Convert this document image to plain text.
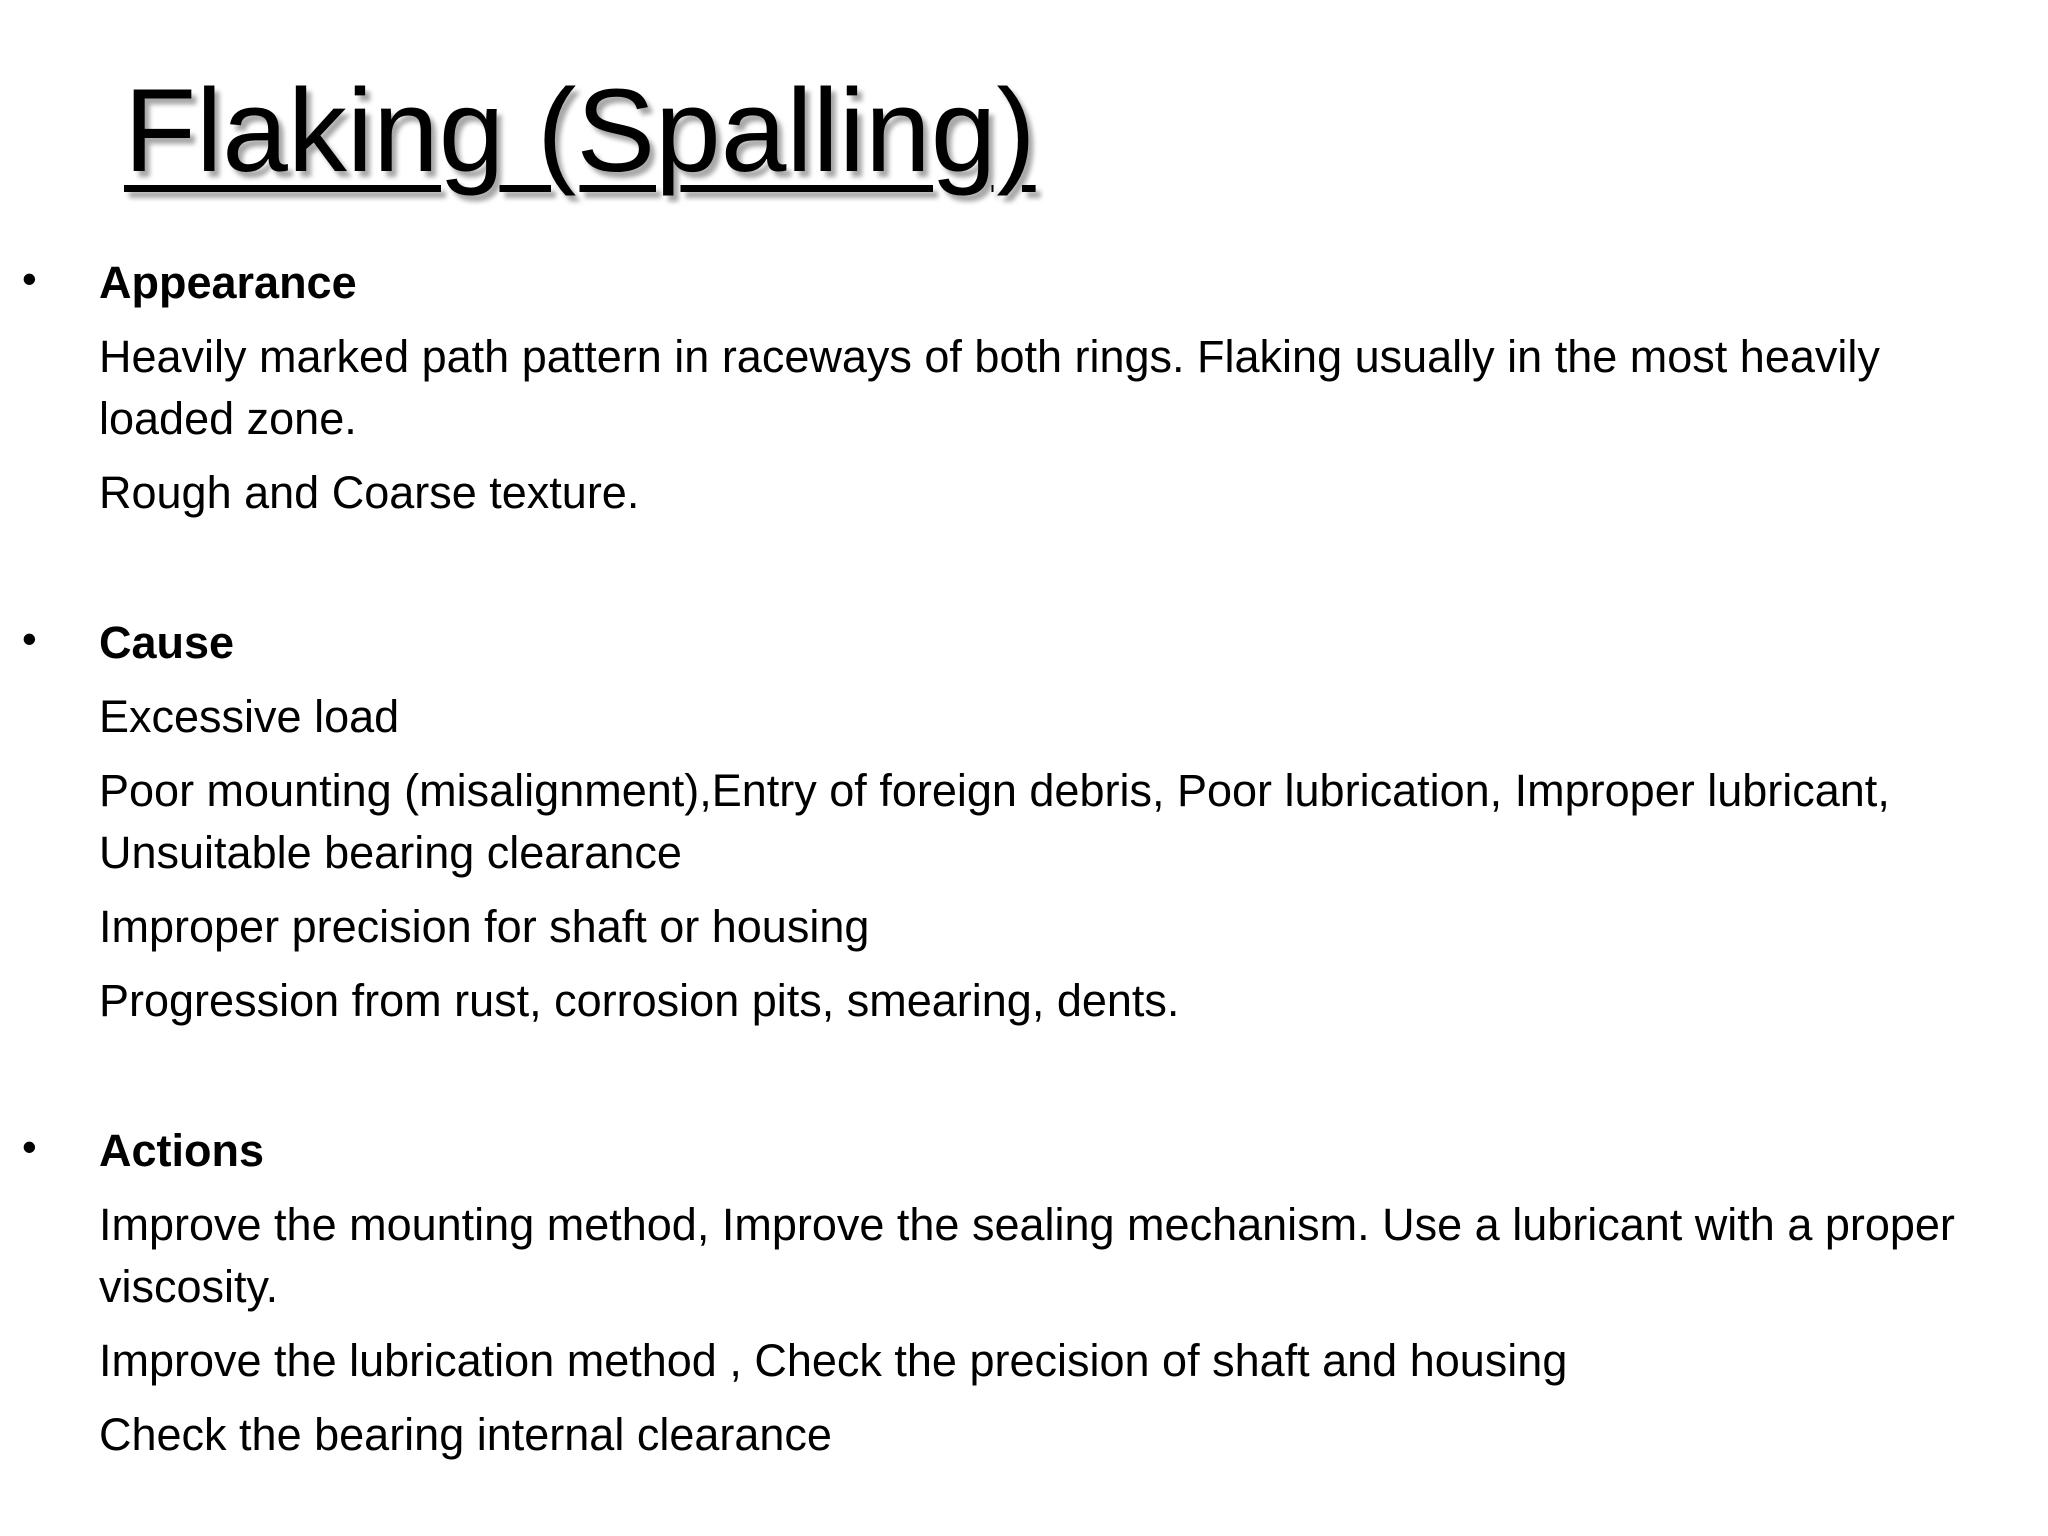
Flaking (Spalling)
• Appearance
Heavily marked path pattern in raceways of both rings. Flaking usually in the most heavily loaded zone.
Rough and Coarse texture.
• Cause
Excessive load
Poor mounting (misalignment),Entry of foreign debris, Poor lubrication, Improper lubricant, Unsuitable bearing clearance
Improper precision for shaft or housing
Progression from rust, corrosion pits, smearing, dents.
• Actions
Improve the mounting method, Improve the sealing mechanism. Use a lubricant with a proper viscosity.
Improve the lubrication method , Check the precision of shaft and housing
Check the bearing internal clearance
